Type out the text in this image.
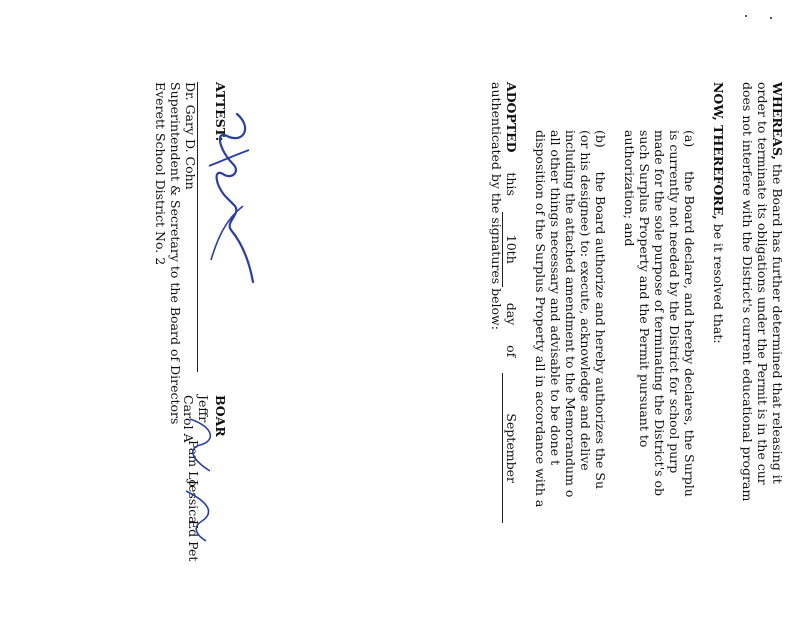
WHEREAS, the Board has further determined that releasing it
order to terminate its obligations under the Permit is in the cur
does not interfere with the District's current educational program
NOW, THEREFORE, be it resolved that:
(a)      the Board declare, and hereby declares, the Surplu
is currently not needed by the District for school purp
made for the sole purpose of terminating the District's ob
such Surplus Property and the Permit pursuant to
authorization; and
(b)      the Board authorize and hereby authorizes the Su
(or his designee) to: execute, acknowledge and delive
including the attached amendment to the Memorandum o
all other things necessary and advisable to be done t
disposition of the Surplus Property all in accordance with a
ADOPTED     this    10th    day     of    September
authenticated by the signatures below:
ATTEST:
Dr. Gary D. Cohn
Superintendent & Secretary to the Board of Directors
Everett School District No. 2
BOAR
Jeffr
Carol A
Pam Lo
Jessica
Ed Pet
